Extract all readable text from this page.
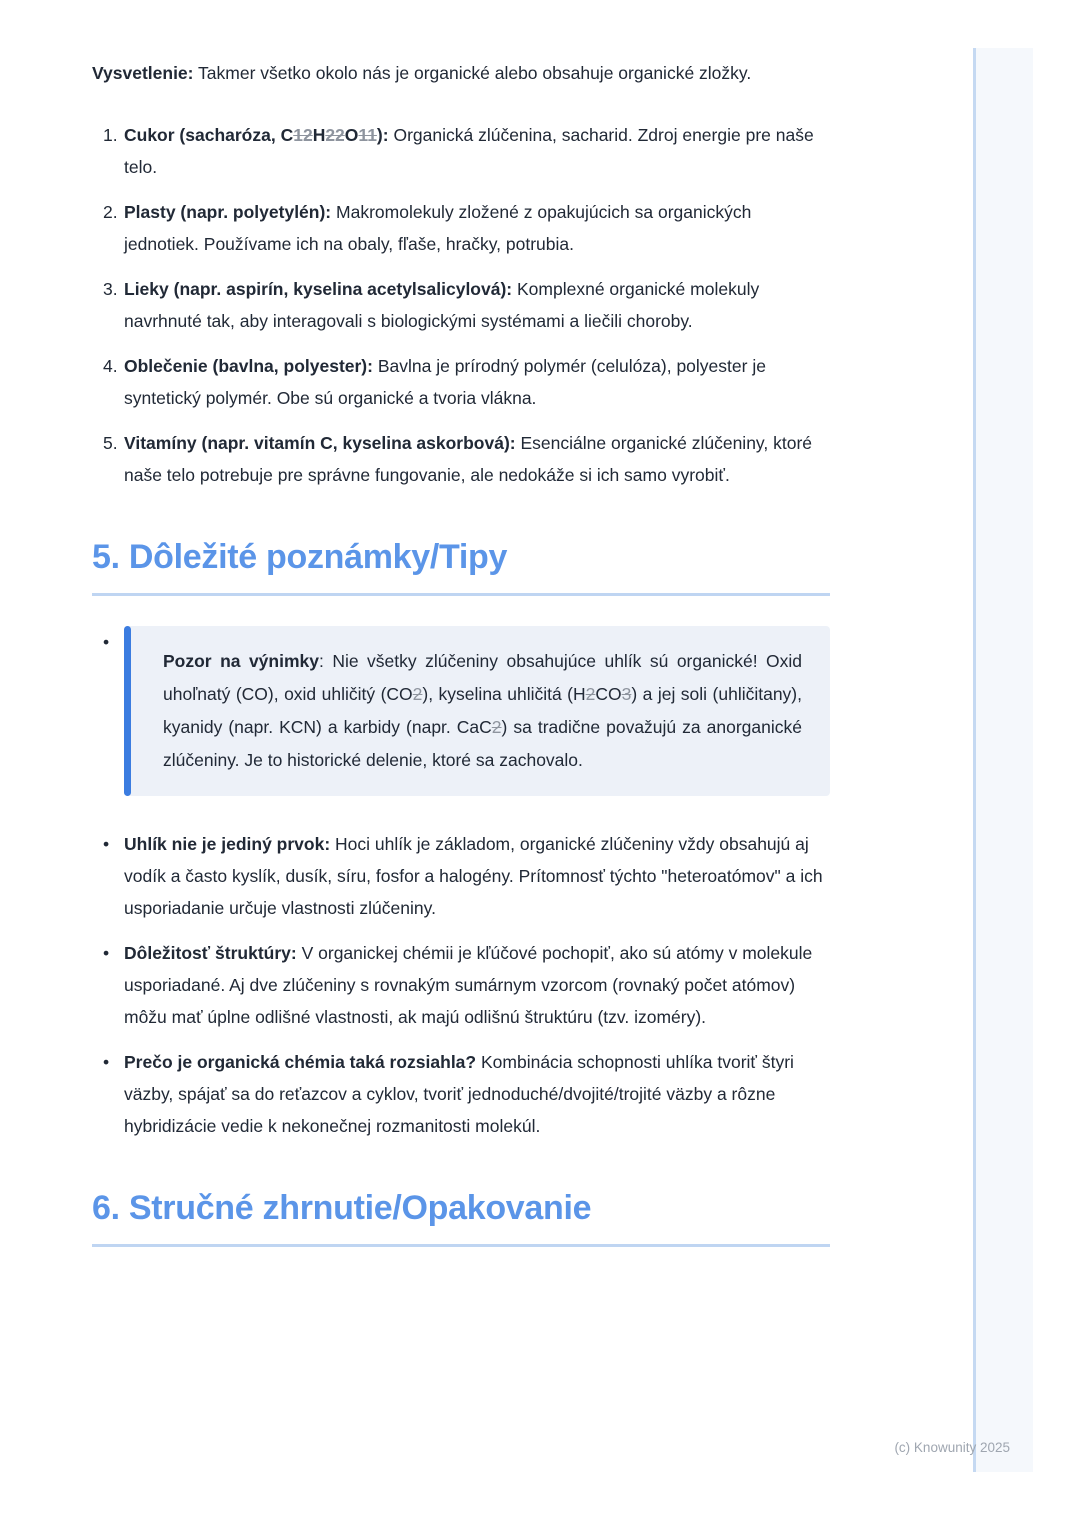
Vysvetlenie: Takmer všetko okolo nás je organické alebo obsahuje organické zložky.

1. Cukor (sacharóza, C12H22O11): Organická zlúčenina, sacharid. Zdroj energie pre naše telo.
2. Plasty (napr. polyetylén): Makromolekuly zložené z opakujúcich sa organických jednotiek. Používame ich na obaly, fľaše, hračky, potrubia.
3. Lieky (napr. aspirín, kyselina acetylsalicylová): Komplexné organické molekuly navrhnuté tak, aby interagovali s biologickými systémami a liečili choroby.
4. Oblečenie (bavlna, polyester): Bavlna je prírodný polymér (celulóza), polyester je syntetický polymér. Obe sú organické a tvoria vlákna.
5. Vitamíny (napr. vitamín C, kyselina askorbová): Esenciálne organické zlúčeniny, ktoré naše telo potrebuje pre správne fungovanie, ale nedokáže si ich samo vyrobiť.
5. Dôležité poznámky/Tipy
•

Pozor na výnimky: Nie všetky zlúčeniny obsahujúce uhlík sú organické! Oxid uhoľnatý (CO), oxid uhličitý (CO2), kyselina uhličitá (H2CO3) a jej soli (uhličitany), kyanidy (napr. KCN) a karbidy (napr. CaC2) sa tradične považujú za anorganické zlúčeniny. Je to historické delenie, ktoré sa zachovalo.

• Uhlík nie je jediný prvok: Hoci uhlík je základom, organické zlúčeniny vždy obsahujú aj vodík a často kyslík, dusík, síru, fosfor a halogény. Prítomnosť týchto "heteroatómov" a ich usporiadanie určuje vlastnosti zlúčeniny.
• Dôležitosť štruktúry: V organickej chémii je kľúčové pochopiť, ako sú atómy v molekule usporiadané. Aj dve zlúčeniny s rovnakým sumárnym vzorcom (rovnaký počet atómov) môžu mať úplne odlišné vlastnosti, ak majú odlišnú štruktúru (tzv. izoméry).
• Prečo je organická chémia taká rozsiahla? Kombinácia schopnosti uhlíka tvoriť štyri väzby, spájať sa do reťazcov a cyklov, tvoriť jednoduché/dvojité/trojité väzby a rôzne hybridizácie vedie k nekonečnej rozmanitosti molekúl.
6. Stručné zhrnutie/Opakovanie
(c) Knowunity 2025
